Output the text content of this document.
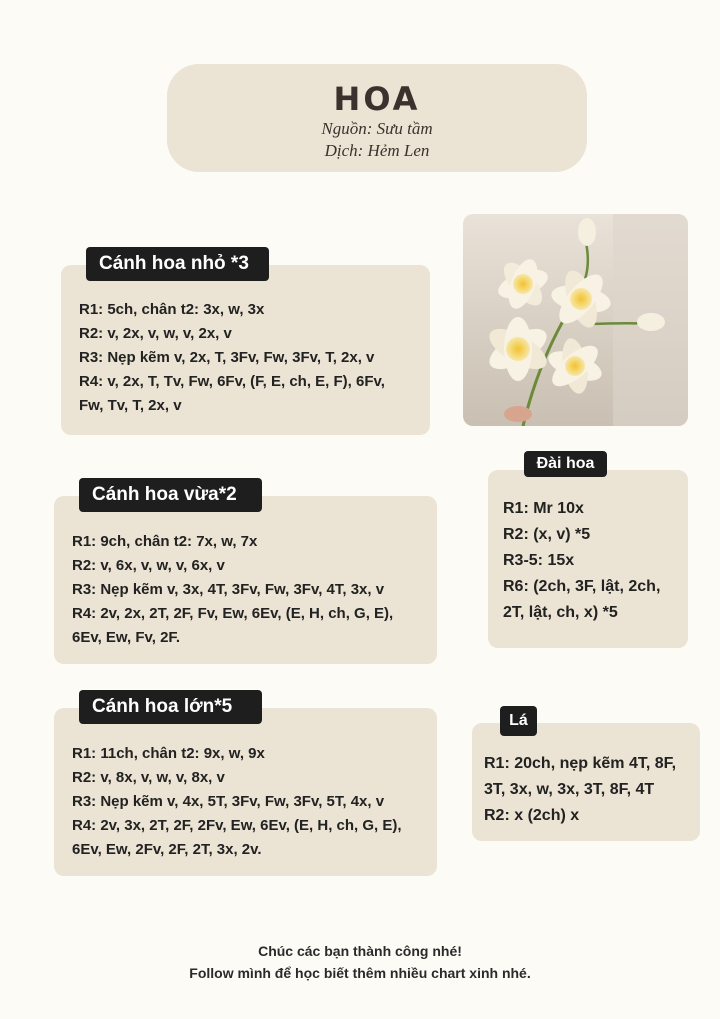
HOA
Nguồn: Sưu tầm
Dịch: Hẻm Len
Cánh hoa nhỏ *3
R1: 5ch, chân t2: 3x, w, 3x
R2: v, 2x, v, w, v, 2x, v
R3: Nẹp kẽm v, 2x, T, 3Fv, Fw, 3Fv, T, 2x, v
R4: v, 2x, T, Tv, Fw, 6Fv, (F, E, ch, E, F), 6Fv,
Fw, Tv, T, 2x, v
Đài hoa
R1: Mr 10x
R2: (x, v) *5
R3-5: 15x
R6: (2ch, 3F, lật, 2ch,
2T, lật, ch, x) *5
Cánh hoa vừa*2
R1: 9ch, chân t2: 7x, w, 7x
R2: v, 6x, v, w, v, 6x, v
R3: Nẹp kẽm v, 3x, 4T, 3Fv, Fw, 3Fv, 4T, 3x, v
R4: 2v, 2x, 2T, 2F, Fv, Ew, 6Ev, (E, H, ch, G, E),
6Ev, Ew, Fv, 2F.
Cánh hoa lớn*5
R1: 11ch, chân t2: 9x, w, 9x
R2: v, 8x, v, w, v, 8x, v
R3: Nẹp kẽm v, 4x, 5T, 3Fv, Fw, 3Fv, 5T, 4x, v
R4: 2v, 3x, 2T, 2F, 2Fv, Ew, 6Ev, (E, H, ch, G, E),
6Ev, Ew, 2Fv, 2F, 2T, 3x, 2v.
Lá
R1: 20ch, nẹp kẽm 4T, 8F,
3T, 3x, w, 3x, 3T, 8F, 4T
R2: x (2ch) x
Chúc các bạn thành công nhé!
Follow mình để học biết thêm nhiều chart xinh nhé.
